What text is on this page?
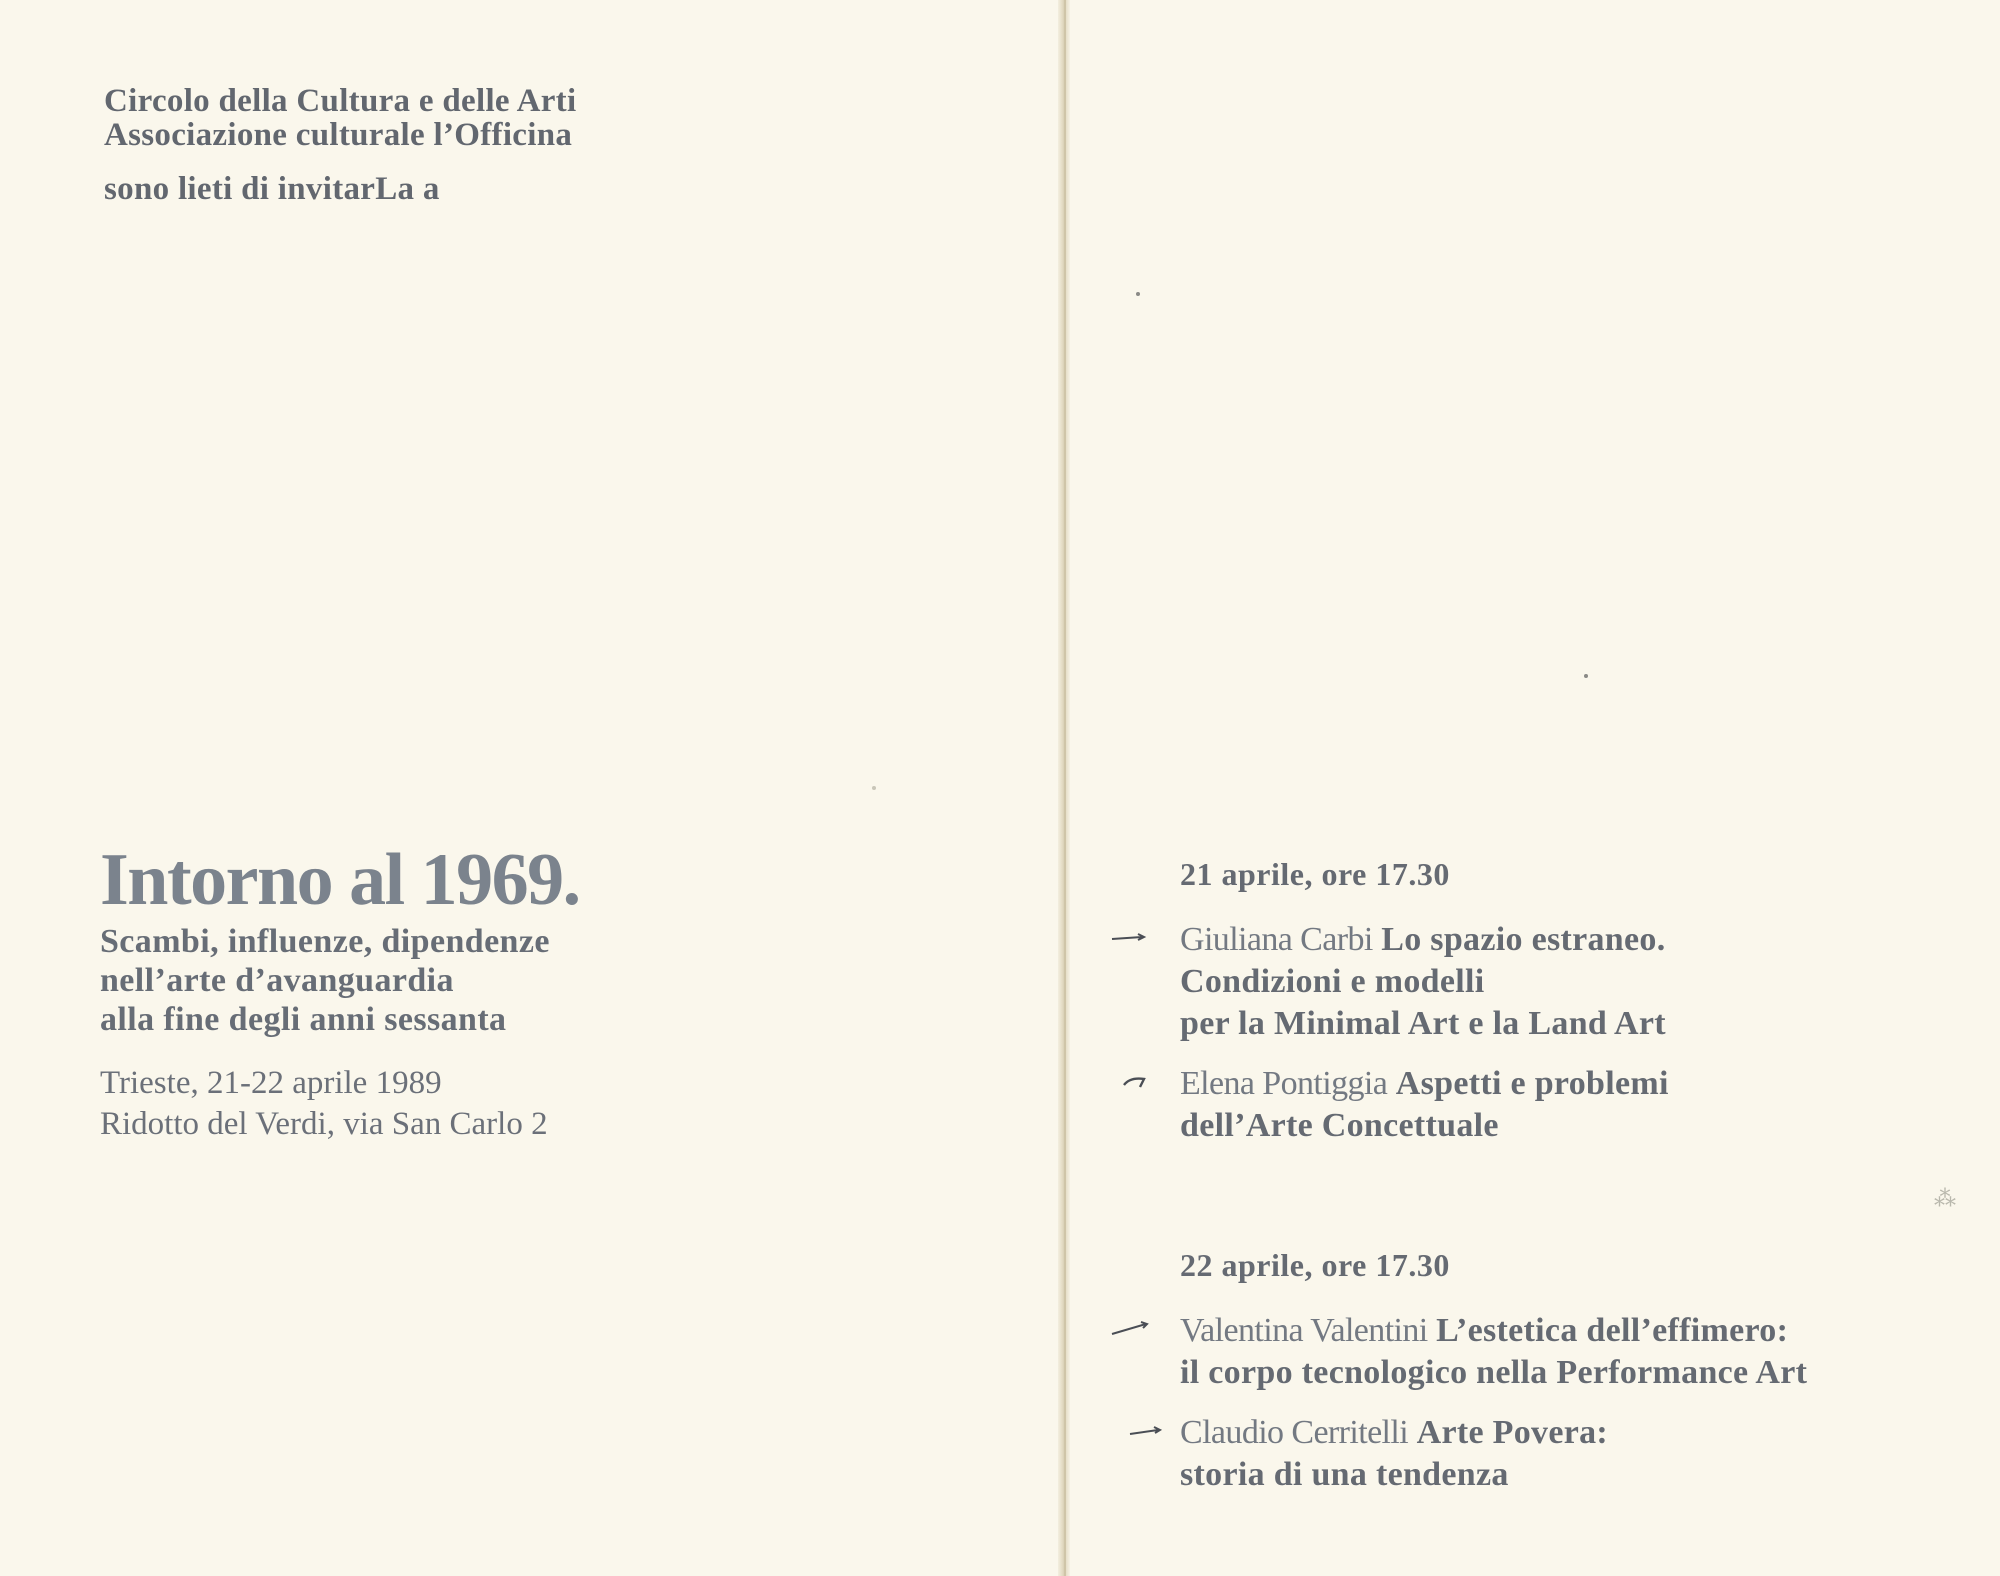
Circolo della Cultura e delle Arti
Associazione culturale l’Officina
sono lieti di invitarLa a
Intorno al 1969.
Scambi, influenze, dipendenze
nell’arte d’avanguardia
alla fine degli anni sessanta
Trieste, 21-22 aprile 1989
Ridotto del Verdi, via San Carlo 2
21 aprile, ore 17.30
Giuliana Carbi Lo spazio estraneo.
Condizioni e modelli
per la Minimal Art e la Land Art
Elena Pontiggia Aspetti e problemi
dell’Arte Concettuale
22 aprile, ore 17.30
Valentina Valentini L’estetica dell’effimero:
il corpo tecnologico nella Performance Art
Claudio Cerritelli Arte Povera:
storia di una tendenza
⁂
